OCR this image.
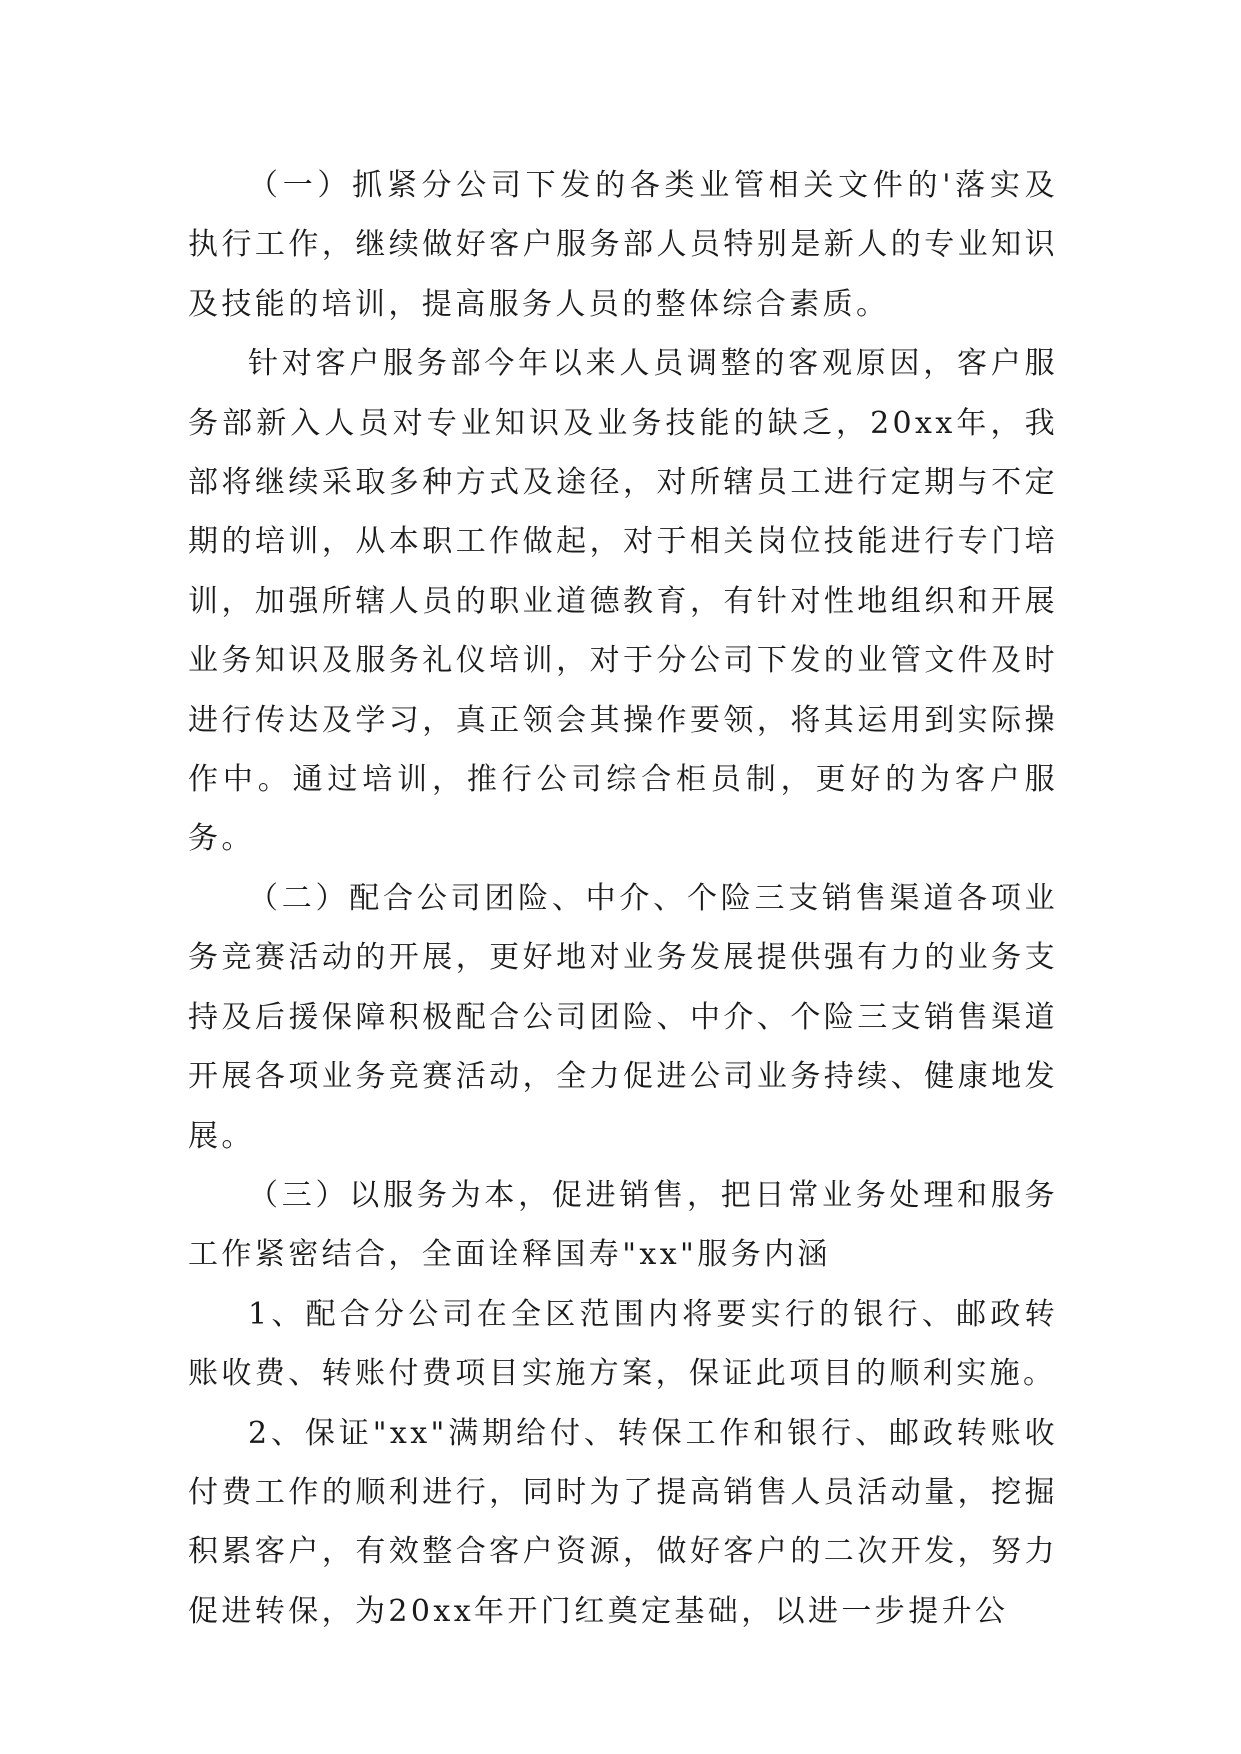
（一）抓紧分公司下发的各类业管相关文件的'落实及执行工作，继续做好客户服务部人员特别是新人的专业知识及技能的培训，提高服务人员的整体综合素质。

针对客户服务部今年以来人员调整的客观原因，客户服务部新入人员对专业知识及业务技能的缺乏，20xx年，我部将继续采取多种方式及途径，对所辖员工进行定期与不定期的培训，从本职工作做起，对于相关岗位技能进行专门培训，加强所辖人员的职业道德教育，有针对性地组织和开展业务知识及服务礼仪培训，对于分公司下发的业管文件及时进行传达及学习，真正领会其操作要领，将其运用到实际操作中。通过培训，推行公司综合柜员制，更好的为客户服务。

（二）配合公司团险、中介、个险三支销售渠道各项业务竞赛活动的开展，更好地对业务发展提供强有力的业务支持及后援保障积极配合公司团险、中介、个险三支销售渠道开展各项业务竞赛活动，全力促进公司业务持续、健康地发展。

（三）以服务为本，促进销售，把日常业务处理和服务工作紧密结合，全面诠释国寿"xx"服务内涵

1、配合分公司在全区范围内将要实行的银行、邮政转账收费、转账付费项目实施方案，保证此项目的顺利实施。

2、保证"xx"满期给付、转保工作和银行、邮政转账收付费工作的顺利进行，同时为了提高销售人员活动量，挖掘积累客户，有效整合客户资源，做好客户的二次开发，努力促进转保，为20xx年开门红奠定基础，以进一步提升公
